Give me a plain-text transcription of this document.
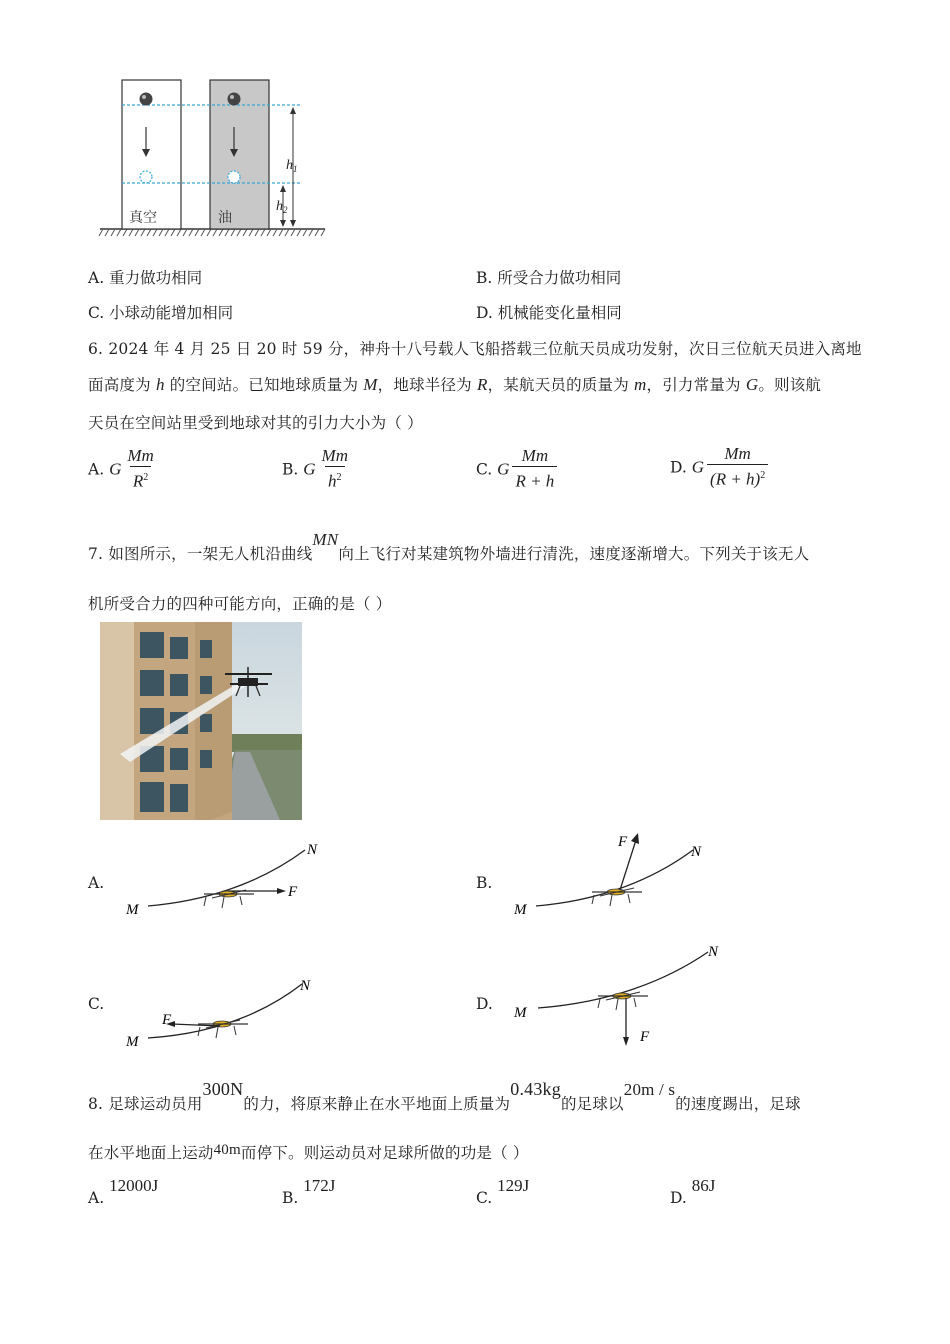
$h_1$
$h_2$
真空	油
A. 重力做功相同	B. 所受合力做功相同
C. 小球动能增加相同	D. 机械能变化量相同
6. 2024 年 4 月 25 日 20 时 59 分，神舟十八号载人飞船搭载三位航天员成功发射，次日三位航天员进入离地
面高度为 h 的空间站。已知地球质量为 M，地球半径为 R，某航天员的质量为 m，引力常量为 G。则该航
天员在空间站里受到地球对其的引力大小为（ ）
A. G $\frac{Mm}{R^2}$	B. G $\frac{Mm}{h^2}$	C. G $\frac{Mm}{R + h}$	D. G $\frac{Mm}{(R + h)^2}$
7. 如图所示，一架无人机沿曲线MN向上飞行对某建筑物外墙进行清洗，速度逐渐增大。下列关于该无人
机所受合力的四种可能方向，正确的是（ ）
A.
M
N
F	B.
M
N
F
C.
M
N
F
D. M
N
F
8. 足球运动员用300N的力，将原来静止在水平地面上质量为0.43kg的足球以20m / s的速度踢出，足球
在水平地面上运动40m而停下。则运动员对足球所做的功是（ ）
A. 12000J
B. 172J
C. 129J
D. 86J
